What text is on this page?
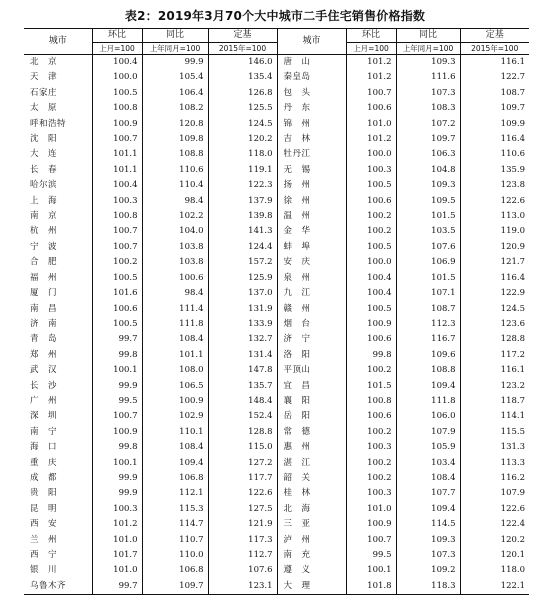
表2：2019年3月70个大中城市二手住宅销售价格指数
城市	环比	同比	定基	城市	环比	同比	定基
	上月=100	上年同月=100	2015年=100		上月=100	上年同月=100	2015年=100
北　京	100.4	99.9	146.0	唐　山	101.2	109.3	116.1
天　津	100.0	105.4	135.4	秦皇岛	101.2	111.6	122.7
石家庄	100.5	106.4	126.8	包　头	100.7	107.3	108.7
太　原	100.8	108.2	125.5	丹　东	100.6	108.3	109.7
呼和浩特	100.9	120.8	124.5	锦　州	101.0	107.2	109.9
沈　阳	100.7	109.8	120.2	吉　林	101.2	109.7	116.4
大　连	101.1	108.8	118.0	牡丹江	100.0	106.3	110.6
长　春	101.1	110.6	119.1	无　锡	100.3	104.8	135.9
哈尔滨	100.4	110.4	122.3	扬　州	100.5	109.3	123.8
上　海	100.3	98.4	137.9	徐　州	100.6	109.5	122.6
南　京	100.8	102.2	139.8	温　州	100.2	101.5	113.0
杭　州	100.7	104.0	141.3	金　华	100.2	103.5	119.0
宁　波	100.7	103.8	124.4	蚌　埠	100.5	107.6	120.9
合　肥	100.2	103.8	157.2	安　庆	100.0	106.9	121.7
福　州	100.5	100.6	125.9	泉　州	100.4	101.5	116.4
厦　门	101.6	98.4	137.0	九　江	100.4	107.1	122.9
南　昌	100.6	111.4	131.9	赣　州	100.5	108.7	124.5
济　南	100.5	111.8	133.9	烟　台	100.9	112.3	123.6
青　岛	99.7	108.4	132.7	济　宁	100.6	116.7	128.8
郑　州	99.8	101.1	131.4	洛　阳	99.8	109.6	117.2
武　汉	100.1	108.0	147.8	平顶山	100.2	108.8	116.1
长　沙	99.9	106.5	135.7	宜　昌	101.5	109.4	123.2
广　州	99.5	100.9	148.4	襄　阳	100.8	111.8	118.7
深　圳	100.7	102.9	152.4	岳　阳	100.6	106.0	114.1
南　宁	100.9	110.1	128.8	常　德	100.2	107.9	115.5
海　口	99.8	108.4	115.0	惠　州	100.3	105.9	131.3
重　庆	100.1	109.4	127.2	湛　江	100.2	103.4	113.3
成　都	99.9	106.8	117.7	韶　关	100.2	108.4	116.2
贵　阳	99.9	112.1	122.6	桂　林	100.3	107.7	107.9
昆　明	100.3	115.3	127.5	北　海	101.0	109.4	122.6
西　安	101.2	114.7	121.9	三　亚	100.9	114.5	122.4
兰　州	101.0	110.7	117.3	泸　州	100.7	109.3	120.2
西　宁	101.7	110.0	112.7	南　充	99.5	107.3	120.1
银　川	101.0	106.8	107.6	遵　义	100.1	109.2	118.0
乌鲁木齐	99.7	109.7	123.1	大　理	101.8	118.3	122.1
